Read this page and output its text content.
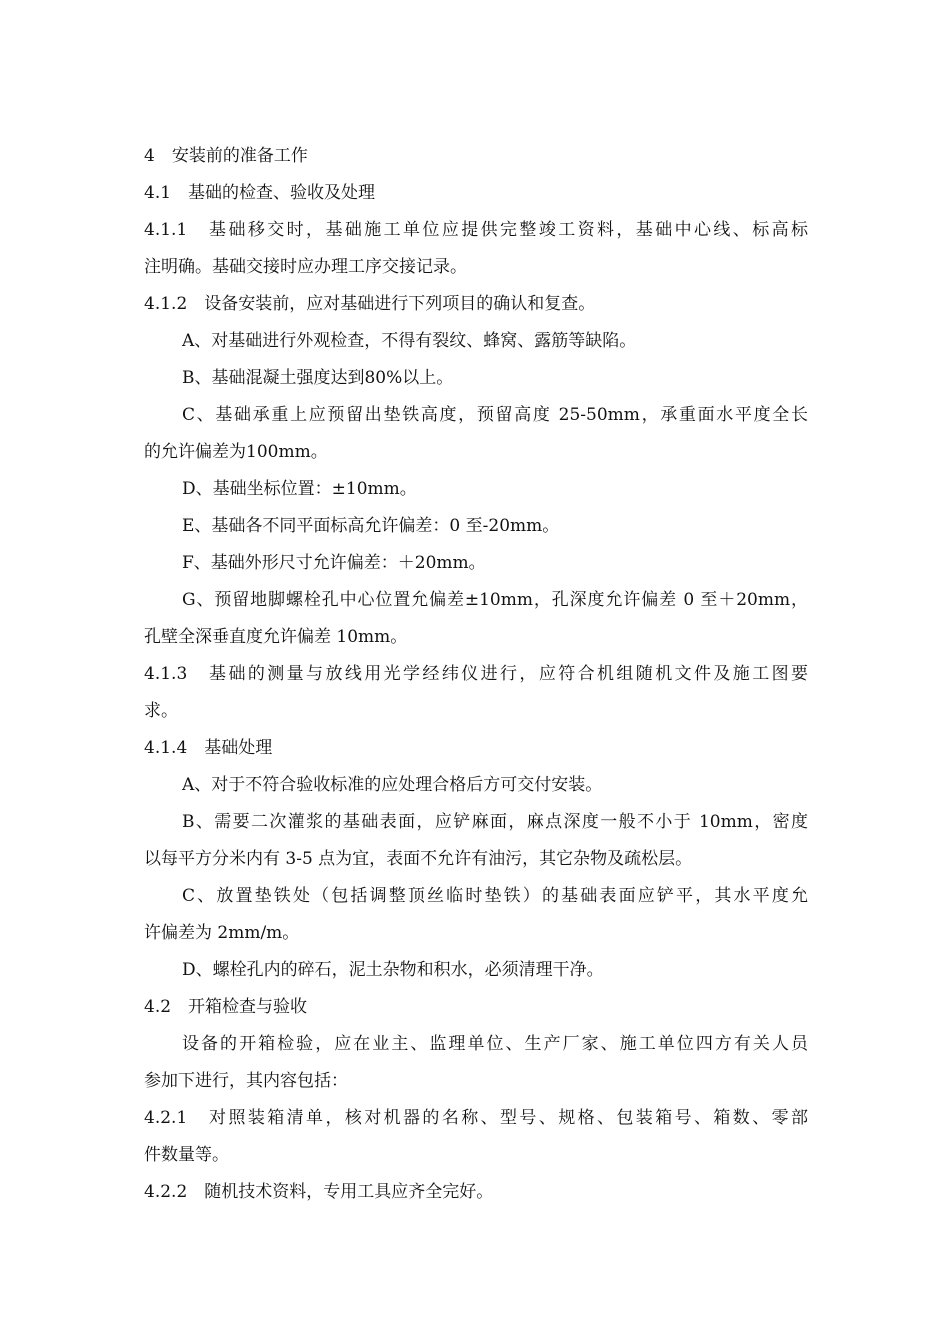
4　安装前的准备工作
4.1　基础的检查、验收及处理
4.1.1　基础移交时，基础施工单位应提供完整竣工资料，基础中心线、标高标
注明确。基础交接时应办理工序交接记录。
4.1.2　设备安装前，应对基础进行下列项目的确认和复查。
A、对基础进行外观检查，不得有裂纹、蜂窝、露筋等缺陷。
B、基础混凝土强度达到80%以上。
C、基础承重上应预留出垫铁高度，预留高度 25-50mm，承重面水平度全长
的允许偏差为100mm。
D、基础坐标位置：±10mm。
E、基础各不同平面标高允许偏差：0 至-20mm。
F、基础外形尺寸允许偏差：＋20mm。
G、预留地脚螺栓孔中心位置允偏差±10mm，孔深度允许偏差 0 至＋20mm，
孔壁全深垂直度允许偏差 10mm。
4.1.3　基础的测量与放线用光学经纬仪进行，应符合机组随机文件及施工图要
求。
4.1.4　基础处理
A、对于不符合验收标准的应处理合格后方可交付安装。
B、需要二次灌浆的基础表面，应铲麻面，麻点深度一般不小于 10mm，密度
以每平方分米内有 3-5 点为宜，表面不允许有油污，其它杂物及疏松层。
C、放置垫铁处（包括调整顶丝临时垫铁）的基础表面应铲平，其水平度允
许偏差为 2mm/m。
D、螺栓孔内的碎石，泥土杂物和积水，必须清理干净。
4.2　开箱检查与验收
设备的开箱检验，应在业主、监理单位、生产厂家、施工单位四方有关人员
参加下进行，其内容包括：
4.2.1　对照装箱清单，核对机器的名称、型号、规格、包装箱号、箱数、零部
件数量等。
4.2.2　随机技术资料，专用工具应齐全完好。
